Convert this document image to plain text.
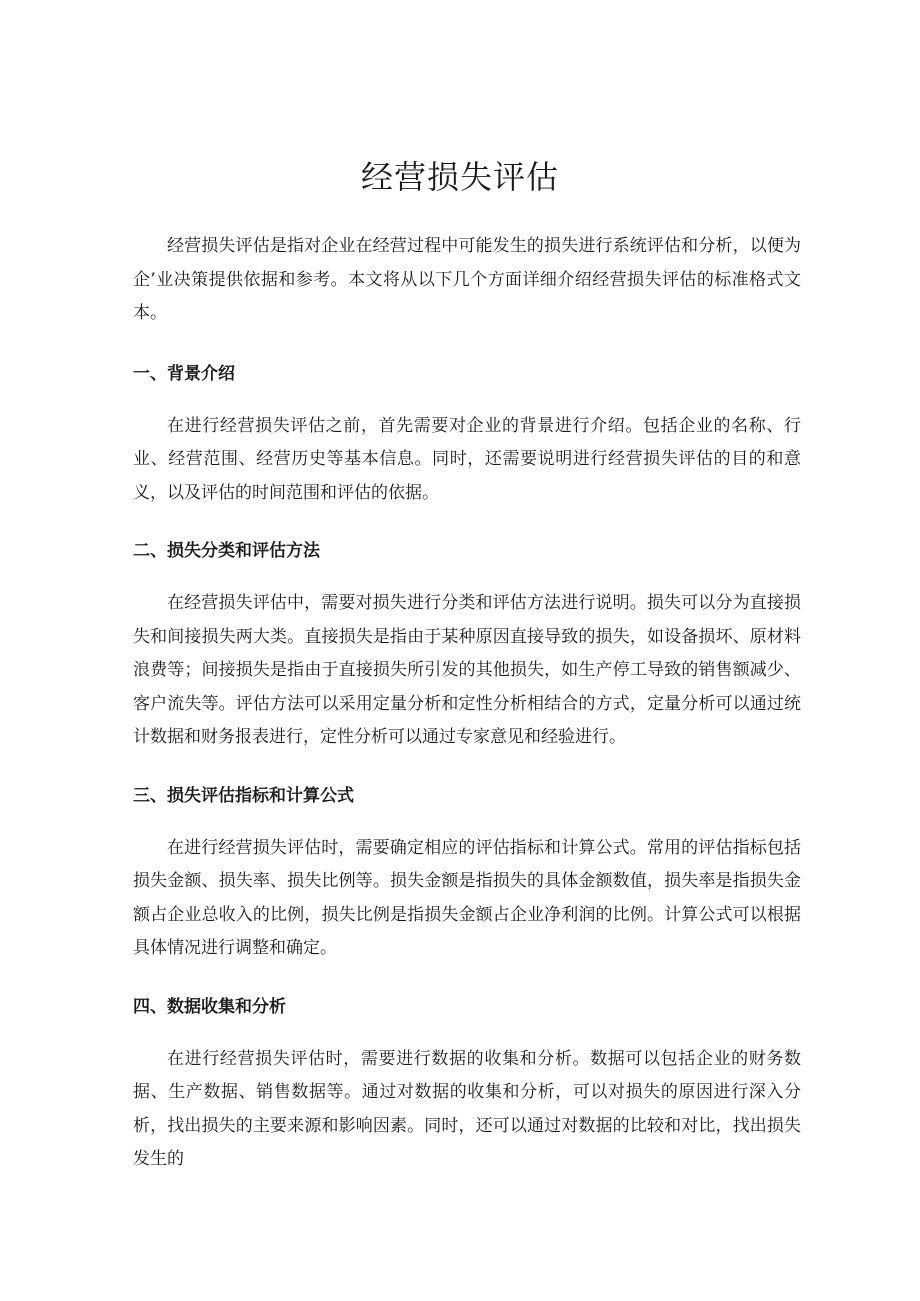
经营损失评估

经营损失评估是指对企业在经营过程中可能发生的损失进行系统评估和分析，以便为企’业决策提供依据和参考。本文将从以下几个方面详细介绍经营损失评估的标准格式文本。

一、背景介绍

在进行经营损失评估之前，首先需要对企业的背景进行介绍。包括企业的名称、行业、经营范围、经营历史等基本信息。同时，还需要说明进行经营损失评估的目的和意义，以及评估的时间范围和评估的依据。

二、损失分类和评估方法

在经营损失评估中，需要对损失进行分类和评估方法进行说明。损失可以分为直接损失和间接损失两大类。直接损失是指由于某种原因直接导致的损失，如设备损坏、原材料浪费等；间接损失是指由于直接损失所引发的其他损失，如生产停工导致的销售额减少、客户流失等。评估方法可以采用定量分析和定性分析相结合的方式，定量分析可以通过统计数据和财务报表进行，定性分析可以通过专家意见和经验进行。

三、损失评估指标和计算公式

在进行经营损失评估时，需要确定相应的评估指标和计算公式。常用的评估指标包括损失金额、损失率、损失比例等。损失金额是指损失的具体金额数值，损失率是指损失金额占企业总收入的比例，损失比例是指损失金额占企业净利润的比例。计算公式可以根据具体情况进行调整和确定。

四、数据收集和分析

在进行经营损失评估时，需要进行数据的收集和分析。数据可以包括企业的财务数据、生产数据、销售数据等。通过对数据的收集和分析，可以对损失的原因进行深入分析，找出损失的主要来源和影响因素。同时，还可以通过对数据的比较和对比，找出损失发生的
